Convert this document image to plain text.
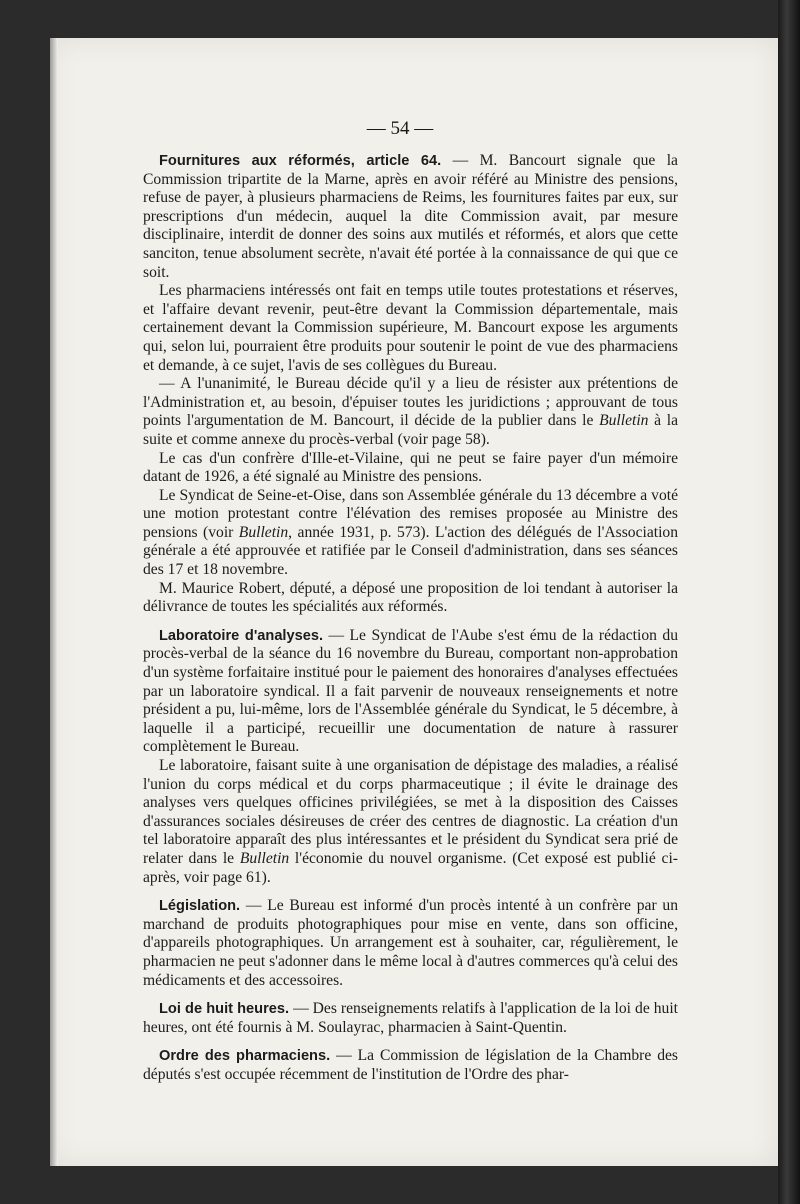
— 54 —

Fournitures aux réformés, article 64. — M. Bancourt signale que la Commission tripartite de la Marne, après en avoir référé au Ministre des pensions, refuse de payer, à plusieurs pharmaciens de Reims, les fournitures faites par eux, sur prescriptions d'un médecin, auquel la dite Commission avait, par mesure disciplinaire, interdit de donner des soins aux mutilés et réformés, et alors que cette sanciton, tenue absolument secrète, n'avait été portée à la connaissance de qui que ce soit.

Les pharmaciens intéressés ont fait en temps utile toutes protestations et réserves, et l'affaire devant revenir, peut-être devant la Commission départementale, mais certainement devant la Commission supérieure, M. Bancourt expose les arguments qui, selon lui, pourraient être produits pour soutenir le point de vue des pharmaciens et demande, à ce sujet, l'avis de ses collègues du Bureau.

— A l'unanimité, le Bureau décide qu'il y a lieu de résister aux prétentions de l'Administration et, au besoin, d'épuiser toutes les juridictions ; approuvant de tous points l'argumentation de M. Bancourt, il décide de la publier dans le Bulletin à la suite et comme annexe du procès-verbal (voir page 58).

Le cas d'un confrère d'Ille-et-Vilaine, qui ne peut se faire payer d'un mémoire datant de 1926, a été signalé au Ministre des pensions.

Le Syndicat de Seine-et-Oise, dans son Assemblée générale du 13 décembre a voté une motion protestant contre l'élévation des remises proposée au Ministre des pensions (voir Bulletin, année 1931, p. 573). L'action des délégués de l'Association générale a été approuvée et ratifiée par le Conseil d'administration, dans ses séances des 17 et 18 novembre.

M. Maurice Robert, député, a déposé une proposition de loi tendant à autoriser la délivrance de toutes les spécialités aux réformés.

Laboratoire d'analyses. — Le Syndicat de l'Aube s'est ému de la rédaction du procès-verbal de la séance du 16 novembre du Bureau, comportant non-approbation d'un système forfaitaire institué pour le paiement des honoraires d'analyses effectuées par un laboratoire syndical. Il a fait parvenir de nouveaux renseignements et notre président a pu, lui-même, lors de l'Assemblée générale du Syndicat, le 5 décembre, à laquelle il a participé, recueillir une documentation de nature à rassurer complètement le Bureau.

Le laboratoire, faisant suite à une organisation de dépistage des maladies, a réalisé l'union du corps médical et du corps pharmaceutique ; il évite le drainage des analyses vers quelques officines privilégiées, se met à la disposition des Caisses d'assurances sociales désireuses de créer des centres de diagnostic. La création d'un tel laboratoire apparaît des plus intéressantes et le président du Syndicat sera prié de relater dans le Bulletin l'économie du nouvel organisme. (Cet exposé est publié ci-après, voir page 61).

Législation. — Le Bureau est informé d'un procès intenté à un confrère par un marchand de produits photographiques pour mise en vente, dans son officine, d'appareils photographiques. Un arrangement est à souhaiter, car, régulièrement, le pharmacien ne peut s'adonner dans le même local à d'autres commerces qu'à celui des médicaments et des accessoires.

Loi de huit heures. — Des renseignements relatifs à l'application de la loi de huit heures, ont été fournis à M. Soulayrac, pharmacien à Saint-Quentin.

Ordre des pharmaciens. — La Commission de législation de la Chambre des députés s'est occupée récemment de l'institution de l'Ordre des phar-
